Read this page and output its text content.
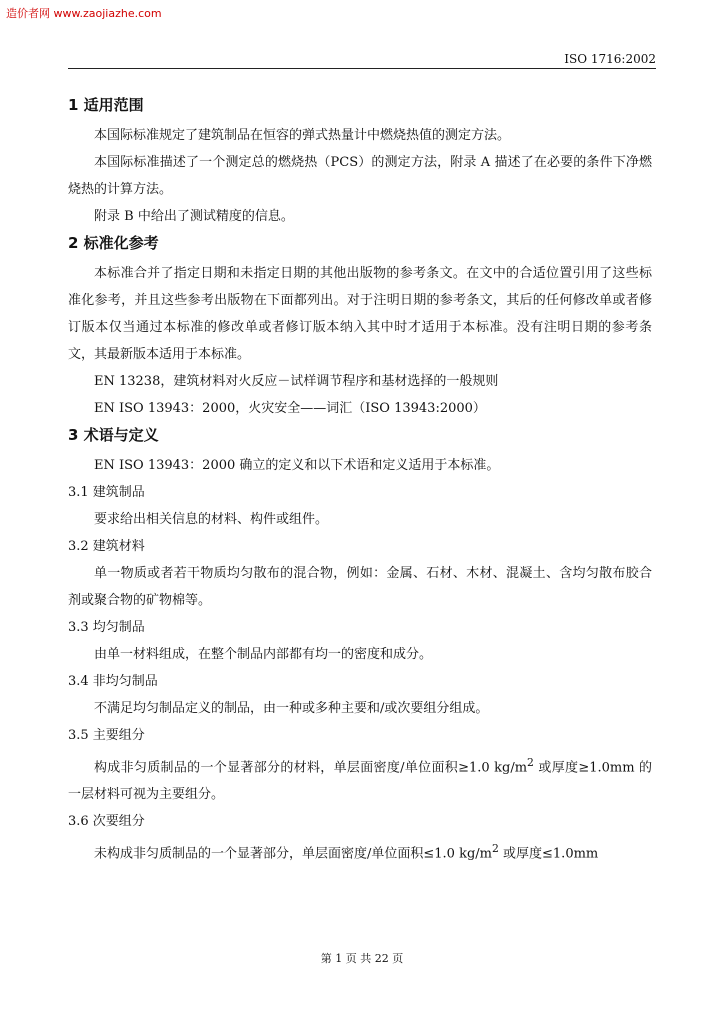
造价者网 www.zaojiazhe.com
ISO 1716:2002
1 适用范围

本国际标准规定了建筑制品在恒容的弹式热量计中燃烧热值的测定方法。

本国际标准描述了一个测定总的燃烧热（PCS）的测定方法，附录 A 描述了在必要的条件下净燃烧热的计算方法。

附录 B 中给出了测试精度的信息。

2 标准化参考

本标准合并了指定日期和未指定日期的其他出版物的参考条文。在文中的合适位置引用了这些标准化参考，并且这些参考出版物在下面都列出。对于注明日期的参考条文，其后的任何修改单或者修订版本仅当通过本标准的修改单或者修订版本纳入其中时才适用于本标准。没有注明日期的参考条文，其最新版本适用于本标准。

EN 13238，建筑材料对火反应－试样调节程序和基材选择的一般规则

EN ISO 13943：2000，火灾安全——词汇（ISO 13943:2000）

3 术语与定义

EN ISO 13943：2000 确立的定义和以下术语和定义适用于本标准。

3.1 建筑制品

要求给出相关信息的材料、构件或组件。

3.2 建筑材料

单一物质或者若干物质均匀散布的混合物，例如：金属、石材、木材、混凝土、含均匀散布胶合剂或聚合物的矿物棉等。

3.3 均匀制品

由单一材料组成，在整个制品内部都有均一的密度和成分。

3.4 非均匀制品

不满足均匀制品定义的制品，由一种或多种主要和/或次要组分组成。

3.5 主要组分

构成非匀质制品的一个显著部分的材料，单层面密度/单位面积≥1.0 $kg/m^2$ 或厚度≥1.0mm 的一层材料可视为主要组分。

3.6 次要组分

未构成非匀质制品的一个显著部分，单层面密度/单位面积≤1.0 $kg/m^2$ 或厚度≤1.0mm

第 1 页 共 22 页
